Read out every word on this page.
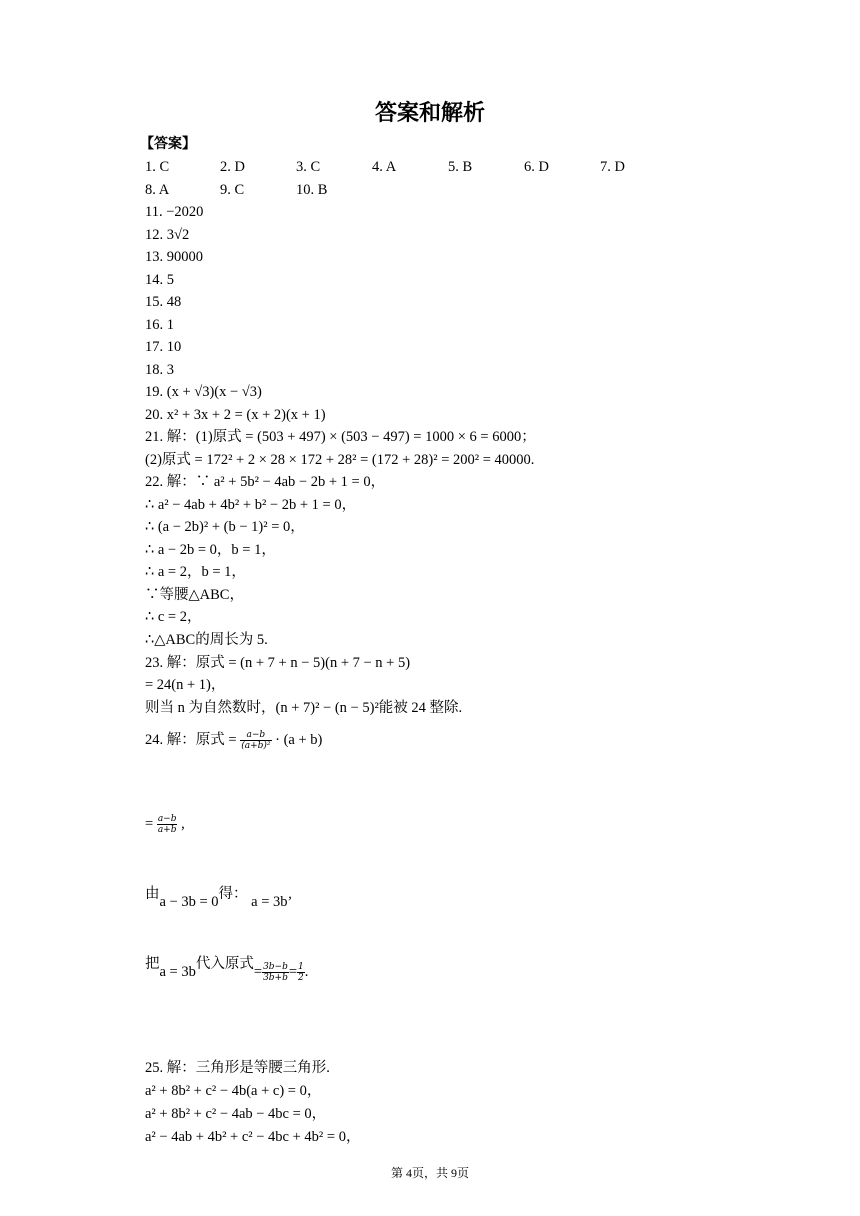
答案和解析
【答案】
1. C	2. D	3. C	4. A	5. B	6. D	7. D
8. A	9. C	10. B
11. −2020
12. 3√2
13. 90000
14. 5
15. 48
16. 1
17. 10
18. 3
19. (x + √3)(x − √3)
20. x² + 3x + 2 = (x + 2)(x + 1)
21. 解：(1)原式 = (503 + 497) × (503 − 497) = 1000 × 6 = 6000；
(2)原式 = 172² + 2 × 28 × 172 + 28² = (172 + 28)² = 200² = 40000.
22. 解：∵ a² + 5b² − 4ab − 2b + 1 = 0，
∴ a² − 4ab + 4b² + b² − 2b + 1 = 0，
∴ (a − 2b)² + (b − 1)² = 0，
∴ a − 2b = 0，b = 1，
∴ a = 2，b = 1，
∵等腰△ABC，
∴ c = 2，
∴△ABC的周长为 5.
23. 解：原式 = (n + 7 + n − 5)(n + 7 − n + 5)
= 24(n + 1)，
则当 n 为自然数时，(n + 7)² − (n − 5)²能被 24 整除.
24. 解：原式 = $\frac{a-b}{\text{(a+b)²}} \cdot (a + b)$
= $\frac{a-b}{a+b}$ ,
由a − 3b = 0得： a = 3b’
把a = 3b代入原式= $\frac{3b-b}{3b+b} = \frac{1}{2}$ .
25. 解：三角形是等腰三角形.
a² + 8b² + c² − 4b(a + c) = 0，
a² + 8b² + c² − 4ab − 4bc = 0，
a² − 4ab + 4b² + c² − 4bc + 4b² = 0，
第 4页，共 9页
